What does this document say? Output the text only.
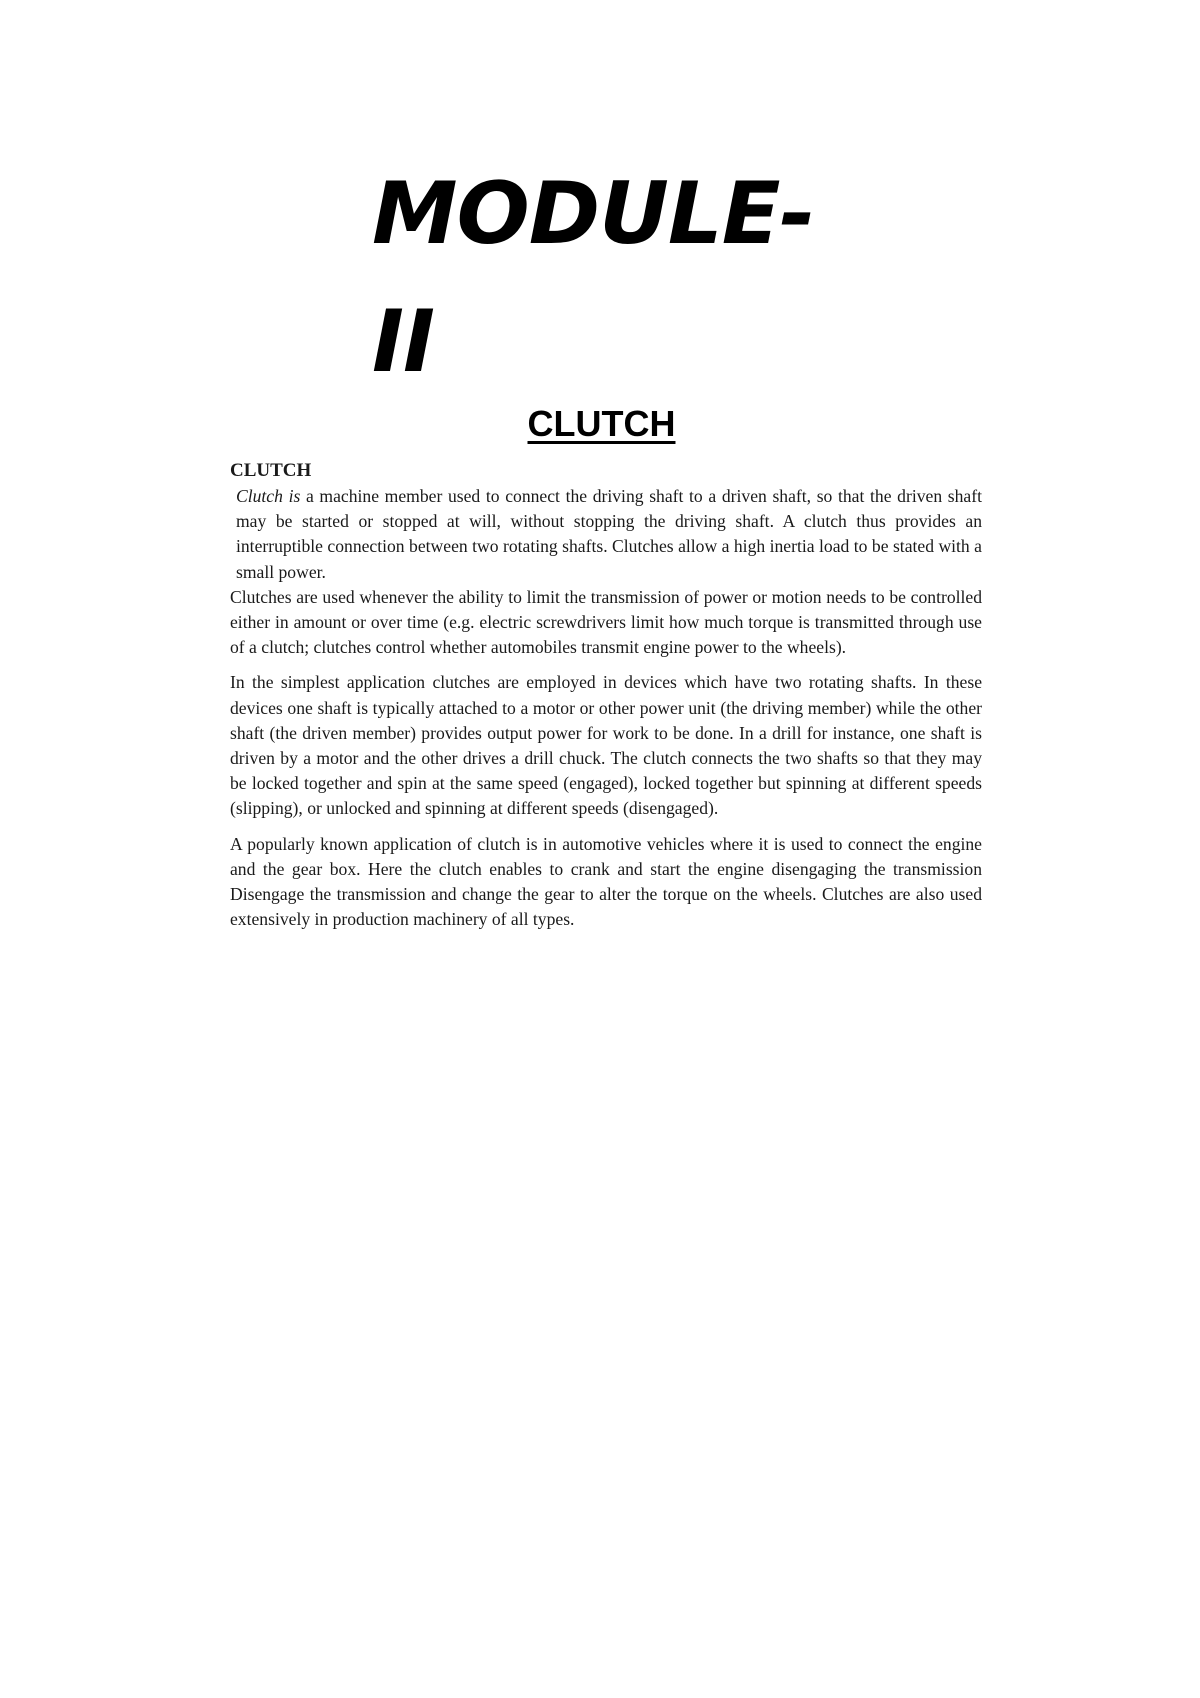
MODULE-
II
CLUTCH
CLUTCH

Clutch is a machine member used to connect the driving shaft to a driven shaft, so that the driven shaft may be started or stopped at will, without stopping the driving shaft. A clutch thus provides an interruptible connection between two rotating shafts. Clutches allow a high inertia load to be stated with a small power.

Clutches are used whenever the ability to limit the transmission of power or motion needs to be controlled either in amount or over time (e.g. electric screwdrivers limit how much torque is transmitted through use of a clutch; clutches control whether automobiles transmit engine power to the wheels).

In the simplest application clutches are employed in devices which have two rotating shafts. In these devices one shaft is typically attached to a motor or other power unit (the driving member) while the other shaft (the driven member) provides output power for work to be done. In a drill for instance, one shaft is driven by a motor and the other drives a drill chuck. The clutch connects the two shafts so that they may be locked together and spin at the same speed (engaged), locked together but spinning at different speeds (slipping), or unlocked and spinning at different speeds (disengaged).

A popularly known application of clutch is in automotive vehicles where it is used to connect the engine and the gear box. Here the clutch enables to crank and start the engine disengaging the transmission Disengage the transmission and change the gear to alter the torque on the wheels. Clutches are also used extensively in production machinery of all types.
